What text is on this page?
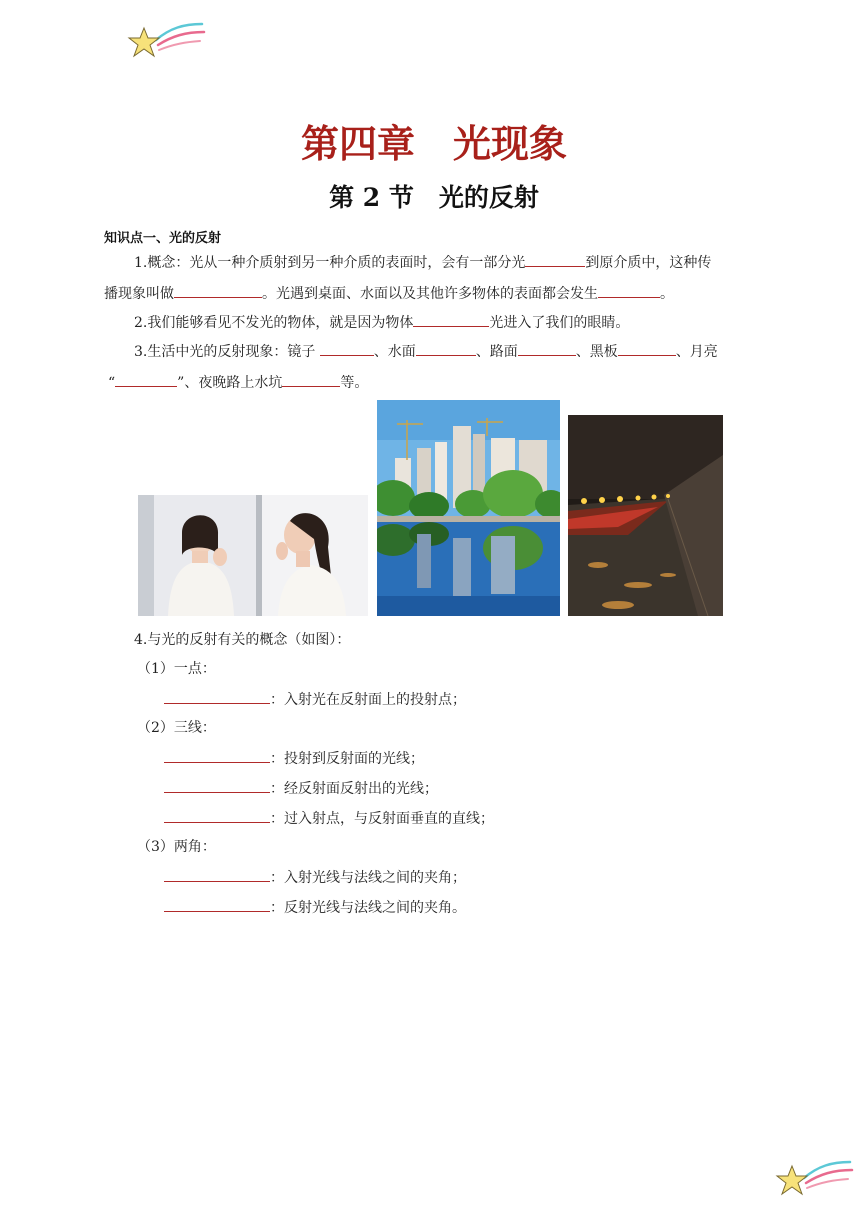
第四章　光现象
第 2 节　光的反射
知识点一、光的反射
1.概念：光从一种介质射到另一种介质的表面时，会有一部分光	到原介质中，这种传
播现象叫做	。光遇到桌面、水面以及其他许多物体的表面都会发生	。
2.我们能够看见不发光的物体，就是因为物体	光进入了我们的眼睛。
3.生活中光的反射现象：镜子	、水面	、路面	、黑板	、月亮
“	”、夜晚路上水坑	等。
4.与光的反射有关的概念（如图）：
（1）一点：
：入射光在反射面上的投射点；
（2）三线：
：投射到反射面的光线；
：经反射面反射出的光线；
：过入射点，与反射面垂直的直线；
（3）两角：
：入射光线与法线之间的夹角；
：反射光线与法线之间的夹角。
